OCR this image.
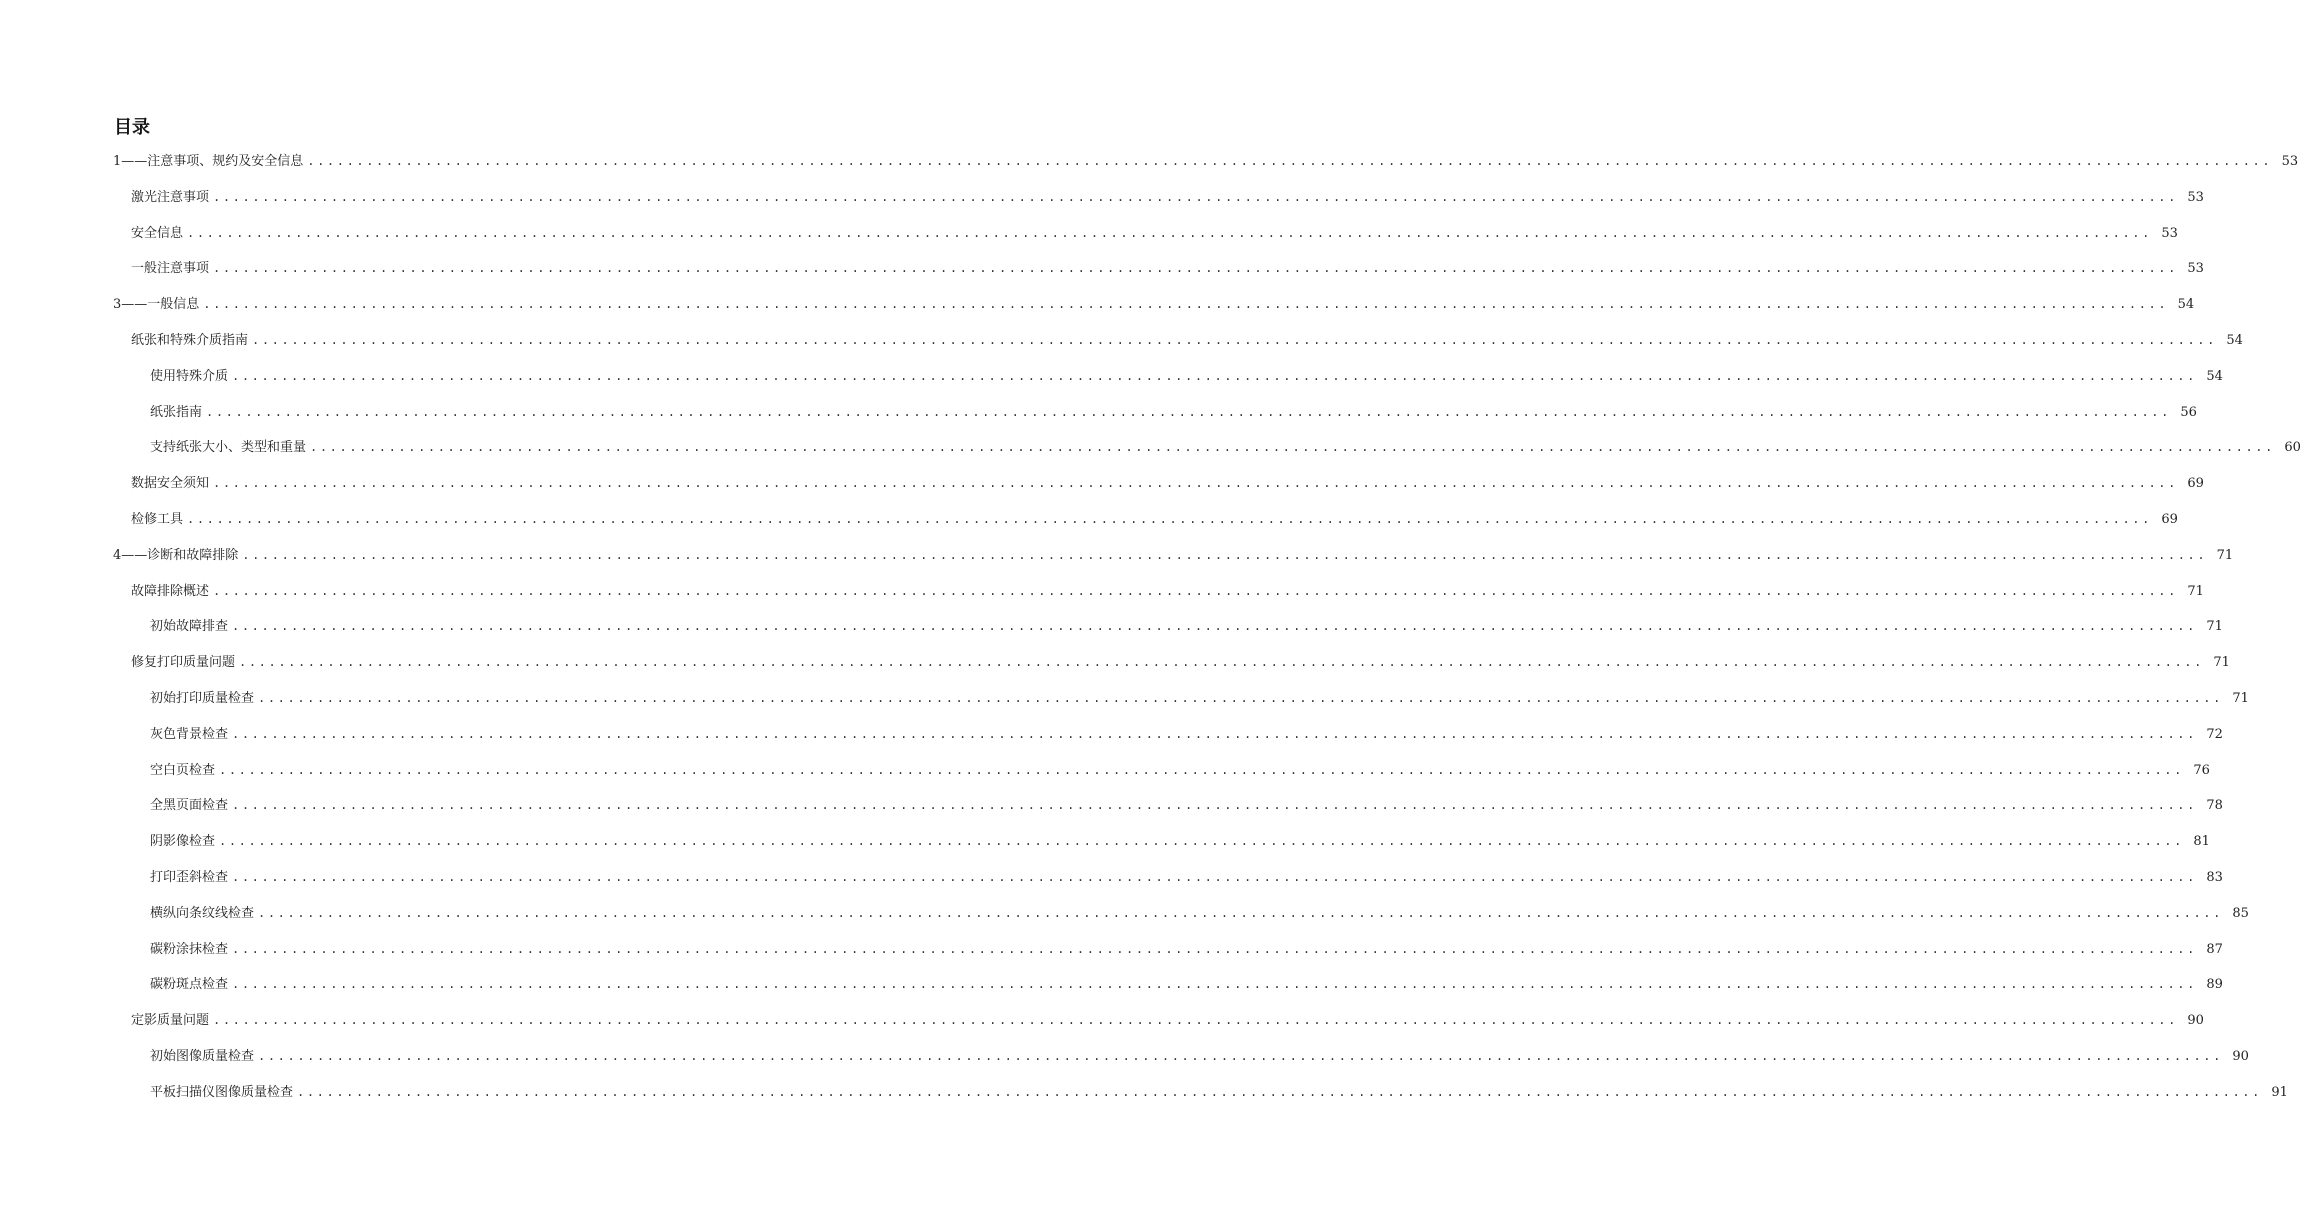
目录
1——注意事项、规约及安全信息 ........................................................................................................................................................................................................ 53
激光注意事项 ........................................................................................................................................................................................................ 53
安全信息 ........................................................................................................................................................................................................ 53
一般注意事项 ........................................................................................................................................................................................................ 53
3——一般信息 ........................................................................................................................................................................................................ 54
纸张和特殊介质指南 ........................................................................................................................................................................................................ 54
使用特殊介质 ........................................................................................................................................................................................................ 54
纸张指南 ........................................................................................................................................................................................................ 56
支持纸张大小、类型和重量 ........................................................................................................................................................................................................ 60
数据安全须知 ........................................................................................................................................................................................................ 69
检修工具 ........................................................................................................................................................................................................ 69
4——诊断和故障排除 ........................................................................................................................................................................................................ 71
故障排除概述 ........................................................................................................................................................................................................ 71
初始故障排查 ........................................................................................................................................................................................................ 71
修复打印质量问题 ........................................................................................................................................................................................................ 71
初始打印质量检查 ........................................................................................................................................................................................................ 71
灰色背景检查 ........................................................................................................................................................................................................ 72
空白页检查 ........................................................................................................................................................................................................ 76
全黑页面检查 ........................................................................................................................................................................................................ 78
阴影像检查 ........................................................................................................................................................................................................ 81
打印歪斜检查 ........................................................................................................................................................................................................ 83
横纵向条纹线检查 ........................................................................................................................................................................................................ 85
碳粉涂抹检查 ........................................................................................................................................................................................................ 87
碳粉斑点检查 ........................................................................................................................................................................................................ 89
定影质量问题 ........................................................................................................................................................................................................ 90
初始图像质量检查 ........................................................................................................................................................................................................ 90
平板扫描仪图像质量检查 ........................................................................................................................................................................................................ 91
